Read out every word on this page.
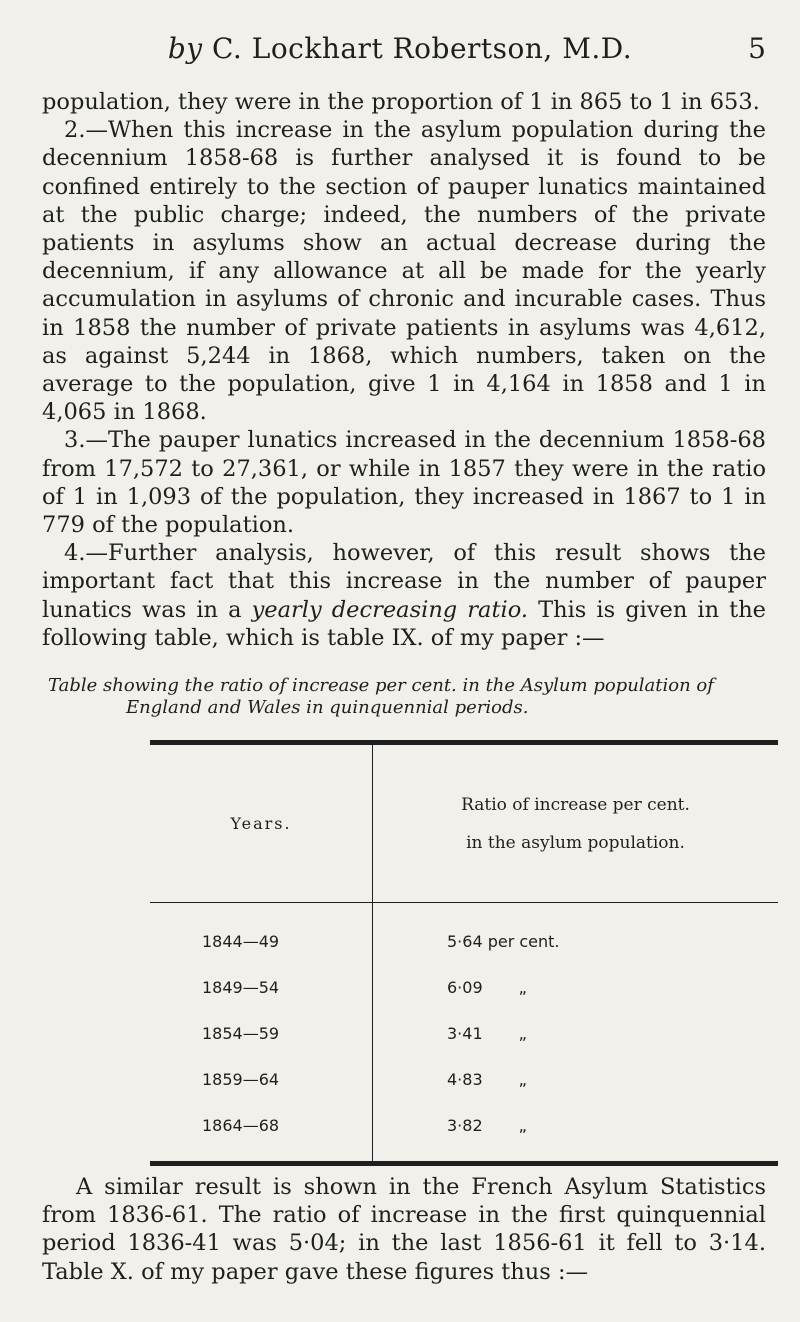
by C. Lockhart Robertson, M.D.	5

population, they were in the proportion of 1 in 865 to 1 in 653.

2.—When this increase in the asylum population during the decennium 1858-68 is further analysed it is found to be confined entirely to the section of pauper lunatics maintained at the public charge; indeed, the numbers of the private patients in asylums show an actual decrease during the decennium, if any allowance at all be made for the yearly accumulation in asylums of chronic and incurable cases. Thus in 1858 the number of private patients in asylums was 4,612, as against 5,244 in 1868, which numbers, taken on the average to the population, give 1 in 4,164 in 1858 and 1 in 4,065 in 1868.

3.—The pauper lunatics increased in the decennium 1858-68 from 17,572 to 27,361, or while in 1857 they were in the ratio of 1 in 1,093 of the population, they increased in 1867 to 1 in 779 of the population.

4.—Further analysis, however, of this result shows the important fact that this increase in the number of pauper lunatics was in a yearly decreasing ratio. This is given in the following table, which is table IX. of my paper :—

Table showing the ratio of increase per cent. in the Asylum population of
England and Wales in quinquennial periods.
Years.	Ratio of increase per cent.
in the asylum population.

1844—49	5·64 per cent.
1849—54	6·09 „
1854—59	3·41 „
1859—64	4·83 „
1864—68	3·82 „

A similar result is shown in the French Asylum Statistics from 1836-61. The ratio of increase in the first quinquennial period 1836-41 was 5·04; in the last 1856-61 it fell to 3·14. Table X. of my paper gave these figures thus :—
